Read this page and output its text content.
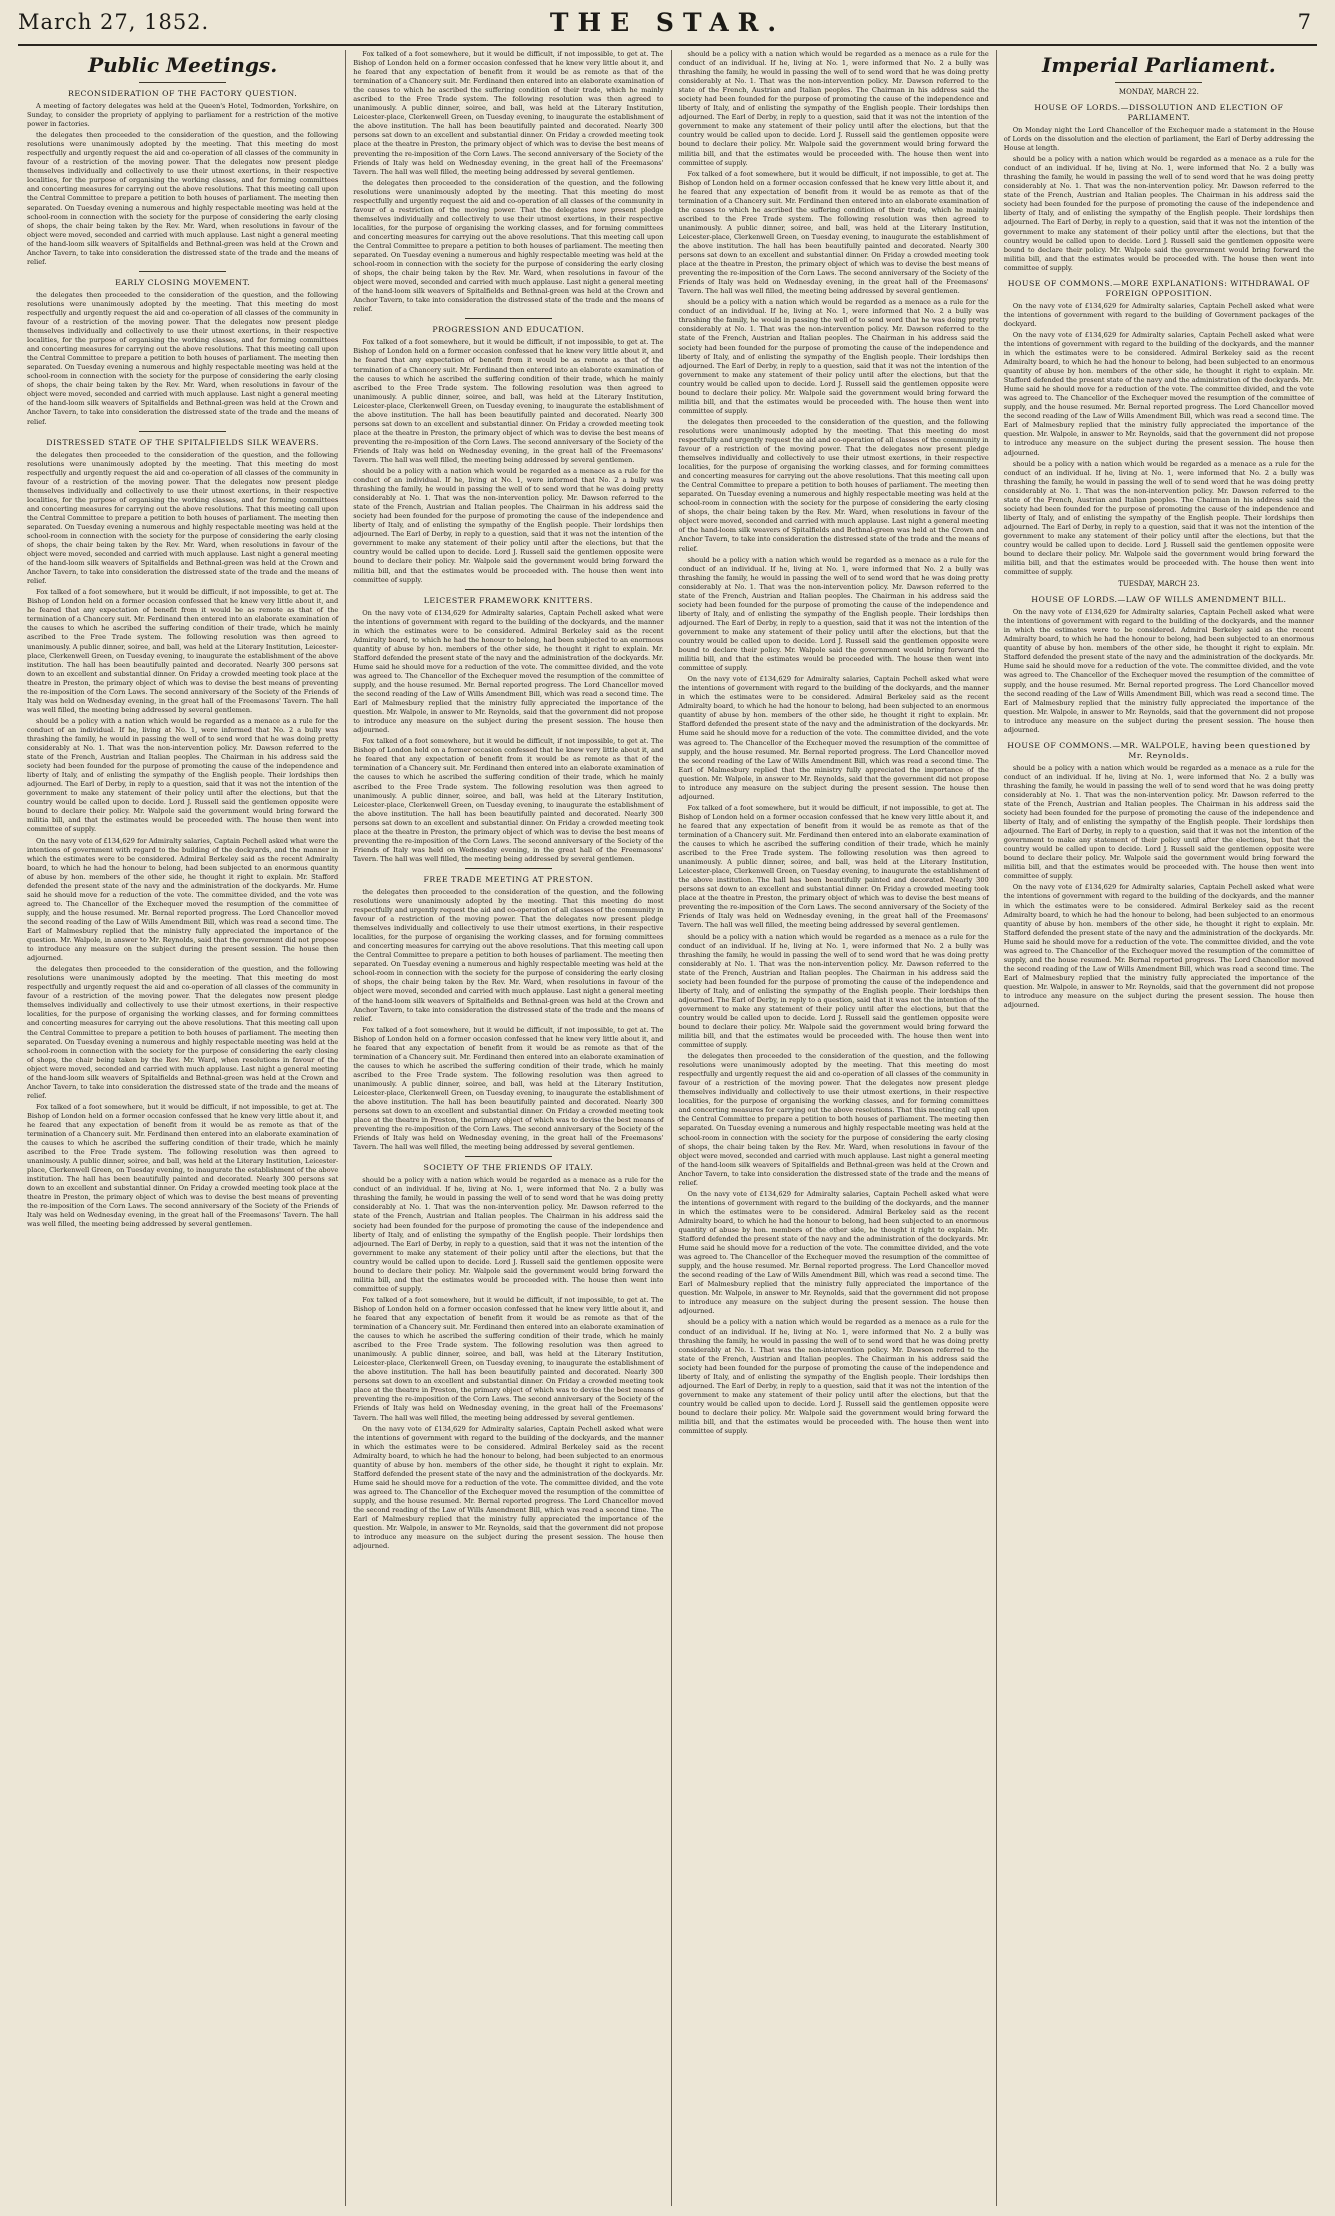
March 27, 1852.	THE STAR.	7
Public Meetings.
RECONSIDERATION OF THE FACTORY QUESTION.

A meeting of factory delegates was held at the Queen's Hotel, Todmorden, Yorkshire, on Sunday, to consider the propriety of applying to parliament for a restriction of the motive power in factories.

the delegates then proceeded to the consideration of the question, and the following resolutions were unanimously adopted by the meeting. That this meeting do most respectfully and urgently request the aid and co-operation of all classes of the community in favour of a restriction of the moving power. That the delegates now present pledge themselves individually and collectively to use their utmost exertions, in their respective localities, for the purpose of organising the working classes, and for forming committees and concerting measures for carrying out the above resolutions. That this meeting call upon the Central Committee to prepare a petition to both houses of parliament. The meeting then separated. On Tuesday evening a numerous and highly respectable meeting was held at the school-room in connection with the society for the purpose of considering the early closing of shops, the chair being taken by the Rev. Mr. Ward, when resolutions in favour of the object were moved, seconded and carried with much applause. Last night a general meeting of the hand-loom silk weavers of Spitalfields and Bethnal-green was held at the Crown and Anchor Tavern, to take into consideration the distressed state of the trade and the means of relief.

EARLY CLOSING MOVEMENT.

the delegates then proceeded to the consideration of the question, and the following resolutions were unanimously adopted by the meeting. That this meeting do most respectfully and urgently request the aid and co-operation of all classes of the community in favour of a restriction of the moving power. That the delegates now present pledge themselves individually and collectively to use their utmost exertions, in their respective localities, for the purpose of organising the working classes, and for forming committees and concerting measures for carrying out the above resolutions. That this meeting call upon the Central Committee to prepare a petition to both houses of parliament. The meeting then separated. On Tuesday evening a numerous and highly respectable meeting was held at the school-room in connection with the society for the purpose of considering the early closing of shops, the chair being taken by the Rev. Mr. Ward, when resolutions in favour of the object were moved, seconded and carried with much applause. Last night a general meeting of the hand-loom silk weavers of Spitalfields and Bethnal-green was held at the Crown and Anchor Tavern, to take into consideration the distressed state of the trade and the means of relief.

DISTRESSED STATE OF THE SPITALFIELDS SILK WEAVERS.

the delegates then proceeded to the consideration of the question, and the following resolutions were unanimously adopted by the meeting. That this meeting do most respectfully and urgently request the aid and co-operation of all classes of the community in favour of a restriction of the moving power. That the delegates now present pledge themselves individually and collectively to use their utmost exertions, in their respective localities, for the purpose of organising the working classes, and for forming committees and concerting measures for carrying out the above resolutions. That this meeting call upon the Central Committee to prepare a petition to both houses of parliament. The meeting then separated. On Tuesday evening a numerous and highly respectable meeting was held at the school-room in connection with the society for the purpose of considering the early closing of shops, the chair being taken by the Rev. Mr. Ward, when resolutions in favour of the object were moved, seconded and carried with much applause. Last night a general meeting of the hand-loom silk weavers of Spitalfields and Bethnal-green was held at the Crown and Anchor Tavern, to take into consideration the distressed state of the trade and the means of relief.

Fox talked of a foot somewhere, but it would be difficult, if not impossible, to get at. The Bishop of London held on a former occasion confessed that he knew very little about it, and he feared that any expectation of benefit from it would be as remote as that of the termination of a Chancery suit. Mr. Ferdinand then entered into an elaborate examination of the causes to which he ascribed the suffering condition of their trade, which he mainly ascribed to the Free Trade system. The following resolution was then agreed to unanimously. A public dinner, soiree, and ball, was held at the Literary Institution, Leicester-place, Clerkenwell Green, on Tuesday evening, to inaugurate the establishment of the above institution. The hall has been beautifully painted and decorated. Nearly 300 persons sat down to an excellent and substantial dinner. On Friday a crowded meeting took place at the theatre in Preston, the primary object of which was to devise the best means of preventing the re-imposition of the Corn Laws. The second anniversary of the Society of the Friends of Italy was held on Wednesday evening, in the great hall of the Freemasons' Tavern. The hall was well filled, the meeting being addressed by several gentlemen.

should be a policy with a nation which would be regarded as a menace as a rule for the conduct of an individual. If he, living at No. 1, were informed that No. 2 a bully was thrashing the family, he would in passing the well of to send word that he was doing pretty considerably at No. 1. That was the non-intervention policy. Mr. Dawson referred to the state of the French, Austrian and Italian peoples. The Chairman in his address said the society had been founded for the purpose of promoting the cause of the independence and liberty of Italy, and of enlisting the sympathy of the English people. Their lordships then adjourned. The Earl of Derby, in reply to a question, said that it was not the intention of the government to make any statement of their policy until after the elections, but that the country would be called upon to decide. Lord J. Russell said the gentlemen opposite were bound to declare their policy. Mr. Walpole said the government would bring forward the militia bill, and that the estimates would be proceeded with. The house then went into committee of supply.

On the navy vote of £134,629 for Admiralty salaries, Captain Pechell asked what were the intentions of government with regard to the building of the dockyards, and the manner in which the estimates were to be considered. Admiral Berkeley said as the recent Admiralty board, to which he had the honour to belong, had been subjected to an enormous quantity of abuse by hon. members of the other side, he thought it right to explain. Mr. Stafford defended the present state of the navy and the administration of the dockyards. Mr. Hume said he should move for a reduction of the vote. The committee divided, and the vote was agreed to. The Chancellor of the Exchequer moved the resumption of the committee of supply, and the house resumed. Mr. Bernal reported progress. The Lord Chancellor moved the second reading of the Law of Wills Amendment Bill, which was read a second time. The Earl of Malmesbury replied that the ministry fully appreciated the importance of the question. Mr. Walpole, in answer to Mr. Reynolds, said that the government did not propose to introduce any measure on the subject during the present session. The house then adjourned.

the delegates then proceeded to the consideration of the question, and the following resolutions were unanimously adopted by the meeting. That this meeting do most respectfully and urgently request the aid and co-operation of all classes of the community in favour of a restriction of the moving power. That the delegates now present pledge themselves individually and collectively to use their utmost exertions, in their respective localities, for the purpose of organising the working classes, and for forming committees and concerting measures for carrying out the above resolutions. That this meeting call upon the Central Committee to prepare a petition to both houses of parliament. The meeting then separated. On Tuesday evening a numerous and highly respectable meeting was held at the school-room in connection with the society for the purpose of considering the early closing of shops, the chair being taken by the Rev. Mr. Ward, when resolutions in favour of the object were moved, seconded and carried with much applause. Last night a general meeting of the hand-loom silk weavers of Spitalfields and Bethnal-green was held at the Crown and Anchor Tavern, to take into consideration the distressed state of the trade and the means of relief.

Fox talked of a foot somewhere, but it would be difficult, if not impossible, to get at. The Bishop of London held on a former occasion confessed that he knew very little about it, and he feared that any expectation of benefit from it would be as remote as that of the termination of a Chancery suit. Mr. Ferdinand then entered into an elaborate examination of the causes to which he ascribed the suffering condition of their trade, which he mainly ascribed to the Free Trade system. The following resolution was then agreed to unanimously. A public dinner, soiree, and ball, was held at the Literary Institution, Leicester-place, Clerkenwell Green, on Tuesday evening, to inaugurate the establishment of the above institution. The hall has been beautifully painted and decorated. Nearly 300 persons sat down to an excellent and substantial dinner. On Friday a crowded meeting took place at the theatre in Preston, the primary object of which was to devise the best means of preventing the re-imposition of the Corn Laws. The second anniversary of the Society of the Friends of Italy was held on Wednesday evening, in the great hall of the Freemasons' Tavern. The hall was well filled, the meeting being addressed by several gentlemen.

Fox talked of a foot somewhere, but it would be difficult, if not impossible, to get at. The Bishop of London held on a former occasion confessed that he knew very little about it, and he feared that any expectation of benefit from it would be as remote as that of the termination of a Chancery suit. Mr. Ferdinand then entered into an elaborate examination of the causes to which he ascribed the suffering condition of their trade, which he mainly ascribed to the Free Trade system. The following resolution was then agreed to unanimously. A public dinner, soiree, and ball, was held at the Literary Institution, Leicester-place, Clerkenwell Green, on Tuesday evening, to inaugurate the establishment of the above institution. The hall has been beautifully painted and decorated. Nearly 300 persons sat down to an excellent and substantial dinner. On Friday a crowded meeting took place at the theatre in Preston, the primary object of which was to devise the best means of preventing the re-imposition of the Corn Laws. The second anniversary of the Society of the Friends of Italy was held on Wednesday evening, in the great hall of the Freemasons' Tavern. The hall was well filled, the meeting being addressed by several gentlemen.

the delegates then proceeded to the consideration of the question, and the following resolutions were unanimously adopted by the meeting. That this meeting do most respectfully and urgently request the aid and co-operation of all classes of the community in favour of a restriction of the moving power. That the delegates now present pledge themselves individually and collectively to use their utmost exertions, in their respective localities, for the purpose of organising the working classes, and for forming committees and concerting measures for carrying out the above resolutions. That this meeting call upon the Central Committee to prepare a petition to both houses of parliament. The meeting then separated. On Tuesday evening a numerous and highly respectable meeting was held at the school-room in connection with the society for the purpose of considering the early closing of shops, the chair being taken by the Rev. Mr. Ward, when resolutions in favour of the object were moved, seconded and carried with much applause. Last night a general meeting of the hand-loom silk weavers of Spitalfields and Bethnal-green was held at the Crown and Anchor Tavern, to take into consideration the distressed state of the trade and the means of relief.

PROGRESSION AND EDUCATION.

Fox talked of a foot somewhere, but it would be difficult, if not impossible, to get at. The Bishop of London held on a former occasion confessed that he knew very little about it, and he feared that any expectation of benefit from it would be as remote as that of the termination of a Chancery suit. Mr. Ferdinand then entered into an elaborate examination of the causes to which he ascribed the suffering condition of their trade, which he mainly ascribed to the Free Trade system. The following resolution was then agreed to unanimously. A public dinner, soiree, and ball, was held at the Literary Institution, Leicester-place, Clerkenwell Green, on Tuesday evening, to inaugurate the establishment of the above institution. The hall has been beautifully painted and decorated. Nearly 300 persons sat down to an excellent and substantial dinner. On Friday a crowded meeting took place at the theatre in Preston, the primary object of which was to devise the best means of preventing the re-imposition of the Corn Laws. The second anniversary of the Society of the Friends of Italy was held on Wednesday evening, in the great hall of the Freemasons' Tavern. The hall was well filled, the meeting being addressed by several gentlemen.

should be a policy with a nation which would be regarded as a menace as a rule for the conduct of an individual. If he, living at No. 1, were informed that No. 2 a bully was thrashing the family, he would in passing the well of to send word that he was doing pretty considerably at No. 1. That was the non-intervention policy. Mr. Dawson referred to the state of the French, Austrian and Italian peoples. The Chairman in his address said the society had been founded for the purpose of promoting the cause of the independence and liberty of Italy, and of enlisting the sympathy of the English people. Their lordships then adjourned. The Earl of Derby, in reply to a question, said that it was not the intention of the government to make any statement of their policy until after the elections, but that the country would be called upon to decide. Lord J. Russell said the gentlemen opposite were bound to declare their policy. Mr. Walpole said the government would bring forward the militia bill, and that the estimates would be proceeded with. The house then went into committee of supply.

LEICESTER FRAMEWORK KNITTERS.

On the navy vote of £134,629 for Admiralty salaries, Captain Pechell asked what were the intentions of government with regard to the building of the dockyards, and the manner in which the estimates were to be considered. Admiral Berkeley said as the recent Admiralty board, to which he had the honour to belong, had been subjected to an enormous quantity of abuse by hon. members of the other side, he thought it right to explain. Mr. Stafford defended the present state of the navy and the administration of the dockyards. Mr. Hume said he should move for a reduction of the vote. The committee divided, and the vote was agreed to. The Chancellor of the Exchequer moved the resumption of the committee of supply, and the house resumed. Mr. Bernal reported progress. The Lord Chancellor moved the second reading of the Law of Wills Amendment Bill, which was read a second time. The Earl of Malmesbury replied that the ministry fully appreciated the importance of the question. Mr. Walpole, in answer to Mr. Reynolds, said that the government did not propose to introduce any measure on the subject during the present session. The house then adjourned.

Fox talked of a foot somewhere, but it would be difficult, if not impossible, to get at. The Bishop of London held on a former occasion confessed that he knew very little about it, and he feared that any expectation of benefit from it would be as remote as that of the termination of a Chancery suit. Mr. Ferdinand then entered into an elaborate examination of the causes to which he ascribed the suffering condition of their trade, which he mainly ascribed to the Free Trade system. The following resolution was then agreed to unanimously. A public dinner, soiree, and ball, was held at the Literary Institution, Leicester-place, Clerkenwell Green, on Tuesday evening, to inaugurate the establishment of the above institution. The hall has been beautifully painted and decorated. Nearly 300 persons sat down to an excellent and substantial dinner. On Friday a crowded meeting took place at the theatre in Preston, the primary object of which was to devise the best means of preventing the re-imposition of the Corn Laws. The second anniversary of the Society of the Friends of Italy was held on Wednesday evening, in the great hall of the Freemasons' Tavern. The hall was well filled, the meeting being addressed by several gentlemen.

FREE TRADE MEETING AT PRESTON.

the delegates then proceeded to the consideration of the question, and the following resolutions were unanimously adopted by the meeting. That this meeting do most respectfully and urgently request the aid and co-operation of all classes of the community in favour of a restriction of the moving power. That the delegates now present pledge themselves individually and collectively to use their utmost exertions, in their respective localities, for the purpose of organising the working classes, and for forming committees and concerting measures for carrying out the above resolutions. That this meeting call upon the Central Committee to prepare a petition to both houses of parliament. The meeting then separated. On Tuesday evening a numerous and highly respectable meeting was held at the school-room in connection with the society for the purpose of considering the early closing of shops, the chair being taken by the Rev. Mr. Ward, when resolutions in favour of the object were moved, seconded and carried with much applause. Last night a general meeting of the hand-loom silk weavers of Spitalfields and Bethnal-green was held at the Crown and Anchor Tavern, to take into consideration the distressed state of the trade and the means of relief.

Fox talked of a foot somewhere, but it would be difficult, if not impossible, to get at. The Bishop of London held on a former occasion confessed that he knew very little about it, and he feared that any expectation of benefit from it would be as remote as that of the termination of a Chancery suit. Mr. Ferdinand then entered into an elaborate examination of the causes to which he ascribed the suffering condition of their trade, which he mainly ascribed to the Free Trade system. The following resolution was then agreed to unanimously. A public dinner, soiree, and ball, was held at the Literary Institution, Leicester-place, Clerkenwell Green, on Tuesday evening, to inaugurate the establishment of the above institution. The hall has been beautifully painted and decorated. Nearly 300 persons sat down to an excellent and substantial dinner. On Friday a crowded meeting took place at the theatre in Preston, the primary object of which was to devise the best means of preventing the re-imposition of the Corn Laws. The second anniversary of the Society of the Friends of Italy was held on Wednesday evening, in the great hall of the Freemasons' Tavern. The hall was well filled, the meeting being addressed by several gentlemen.

SOCIETY OF THE FRIENDS OF ITALY.

should be a policy with a nation which would be regarded as a menace as a rule for the conduct of an individual. If he, living at No. 1, were informed that No. 2 a bully was thrashing the family, he would in passing the well of to send word that he was doing pretty considerably at No. 1. That was the non-intervention policy. Mr. Dawson referred to the state of the French, Austrian and Italian peoples. The Chairman in his address said the society had been founded for the purpose of promoting the cause of the independence and liberty of Italy, and of enlisting the sympathy of the English people. Their lordships then adjourned. The Earl of Derby, in reply to a question, said that it was not the intention of the government to make any statement of their policy until after the elections, but that the country would be called upon to decide. Lord J. Russell said the gentlemen opposite were bound to declare their policy. Mr. Walpole said the government would bring forward the militia bill, and that the estimates would be proceeded with. The house then went into committee of supply.

Fox talked of a foot somewhere, but it would be difficult, if not impossible, to get at. The Bishop of London held on a former occasion confessed that he knew very little about it, and he feared that any expectation of benefit from it would be as remote as that of the termination of a Chancery suit. Mr. Ferdinand then entered into an elaborate examination of the causes to which he ascribed the suffering condition of their trade, which he mainly ascribed to the Free Trade system. The following resolution was then agreed to unanimously. A public dinner, soiree, and ball, was held at the Literary Institution, Leicester-place, Clerkenwell Green, on Tuesday evening, to inaugurate the establishment of the above institution. The hall has been beautifully painted and decorated. Nearly 300 persons sat down to an excellent and substantial dinner. On Friday a crowded meeting took place at the theatre in Preston, the primary object of which was to devise the best means of preventing the re-imposition of the Corn Laws. The second anniversary of the Society of the Friends of Italy was held on Wednesday evening, in the great hall of the Freemasons' Tavern. The hall was well filled, the meeting being addressed by several gentlemen.

On the navy vote of £134,629 for Admiralty salaries, Captain Pechell asked what were the intentions of government with regard to the building of the dockyards, and the manner in which the estimates were to be considered. Admiral Berkeley said as the recent Admiralty board, to which he had the honour to belong, had been subjected to an enormous quantity of abuse by hon. members of the other side, he thought it right to explain. Mr. Stafford defended the present state of the navy and the administration of the dockyards. Mr. Hume said he should move for a reduction of the vote. The committee divided, and the vote was agreed to. The Chancellor of the Exchequer moved the resumption of the committee of supply, and the house resumed. Mr. Bernal reported progress. The Lord Chancellor moved the second reading of the Law of Wills Amendment Bill, which was read a second time. The Earl of Malmesbury replied that the ministry fully appreciated the importance of the question. Mr. Walpole, in answer to Mr. Reynolds, said that the government did not propose to introduce any measure on the subject during the present session. The house then adjourned.

should be a policy with a nation which would be regarded as a menace as a rule for the conduct of an individual. If he, living at No. 1, were informed that No. 2 a bully was thrashing the family, he would in passing the well of to send word that he was doing pretty considerably at No. 1. That was the non-intervention policy. Mr. Dawson referred to the state of the French, Austrian and Italian peoples. The Chairman in his address said the society had been founded for the purpose of promoting the cause of the independence and liberty of Italy, and of enlisting the sympathy of the English people. Their lordships then adjourned. The Earl of Derby, in reply to a question, said that it was not the intention of the government to make any statement of their policy until after the elections, but that the country would be called upon to decide. Lord J. Russell said the gentlemen opposite were bound to declare their policy. Mr. Walpole said the government would bring forward the militia bill, and that the estimates would be proceeded with. The house then went into committee of supply.

Fox talked of a foot somewhere, but it would be difficult, if not impossible, to get at. The Bishop of London held on a former occasion confessed that he knew very little about it, and he feared that any expectation of benefit from it would be as remote as that of the termination of a Chancery suit. Mr. Ferdinand then entered into an elaborate examination of the causes to which he ascribed the suffering condition of their trade, which he mainly ascribed to the Free Trade system. The following resolution was then agreed to unanimously. A public dinner, soiree, and ball, was held at the Literary Institution, Leicester-place, Clerkenwell Green, on Tuesday evening, to inaugurate the establishment of the above institution. The hall has been beautifully painted and decorated. Nearly 300 persons sat down to an excellent and substantial dinner. On Friday a crowded meeting took place at the theatre in Preston, the primary object of which was to devise the best means of preventing the re-imposition of the Corn Laws. The second anniversary of the Society of the Friends of Italy was held on Wednesday evening, in the great hall of the Freemasons' Tavern. The hall was well filled, the meeting being addressed by several gentlemen.

should be a policy with a nation which would be regarded as a menace as a rule for the conduct of an individual. If he, living at No. 1, were informed that No. 2 a bully was thrashing the family, he would in passing the well of to send word that he was doing pretty considerably at No. 1. That was the non-intervention policy. Mr. Dawson referred to the state of the French, Austrian and Italian peoples. The Chairman in his address said the society had been founded for the purpose of promoting the cause of the independence and liberty of Italy, and of enlisting the sympathy of the English people. Their lordships then adjourned. The Earl of Derby, in reply to a question, said that it was not the intention of the government to make any statement of their policy until after the elections, but that the country would be called upon to decide. Lord J. Russell said the gentlemen opposite were bound to declare their policy. Mr. Walpole said the government would bring forward the militia bill, and that the estimates would be proceeded with. The house then went into committee of supply.

the delegates then proceeded to the consideration of the question, and the following resolutions were unanimously adopted by the meeting. That this meeting do most respectfully and urgently request the aid and co-operation of all classes of the community in favour of a restriction of the moving power. That the delegates now present pledge themselves individually and collectively to use their utmost exertions, in their respective localities, for the purpose of organising the working classes, and for forming committees and concerting measures for carrying out the above resolutions. That this meeting call upon the Central Committee to prepare a petition to both houses of parliament. The meeting then separated. On Tuesday evening a numerous and highly respectable meeting was held at the school-room in connection with the society for the purpose of considering the early closing of shops, the chair being taken by the Rev. Mr. Ward, when resolutions in favour of the object were moved, seconded and carried with much applause. Last night a general meeting of the hand-loom silk weavers of Spitalfields and Bethnal-green was held at the Crown and Anchor Tavern, to take into consideration the distressed state of the trade and the means of relief.

should be a policy with a nation which would be regarded as a menace as a rule for the conduct of an individual. If he, living at No. 1, were informed that No. 2 a bully was thrashing the family, he would in passing the well of to send word that he was doing pretty considerably at No. 1. That was the non-intervention policy. Mr. Dawson referred to the state of the French, Austrian and Italian peoples. The Chairman in his address said the society had been founded for the purpose of promoting the cause of the independence and liberty of Italy, and of enlisting the sympathy of the English people. Their lordships then adjourned. The Earl of Derby, in reply to a question, said that it was not the intention of the government to make any statement of their policy until after the elections, but that the country would be called upon to decide. Lord J. Russell said the gentlemen opposite were bound to declare their policy. Mr. Walpole said the government would bring forward the militia bill, and that the estimates would be proceeded with. The house then went into committee of supply.

On the navy vote of £134,629 for Admiralty salaries, Captain Pechell asked what were the intentions of government with regard to the building of the dockyards, and the manner in which the estimates were to be considered. Admiral Berkeley said as the recent Admiralty board, to which he had the honour to belong, had been subjected to an enormous quantity of abuse by hon. members of the other side, he thought it right to explain. Mr. Stafford defended the present state of the navy and the administration of the dockyards. Mr. Hume said he should move for a reduction of the vote. The committee divided, and the vote was agreed to. The Chancellor of the Exchequer moved the resumption of the committee of supply, and the house resumed. Mr. Bernal reported progress. The Lord Chancellor moved the second reading of the Law of Wills Amendment Bill, which was read a second time. The Earl of Malmesbury replied that the ministry fully appreciated the importance of the question. Mr. Walpole, in answer to Mr. Reynolds, said that the government did not propose to introduce any measure on the subject during the present session. The house then adjourned.

Fox talked of a foot somewhere, but it would be difficult, if not impossible, to get at. The Bishop of London held on a former occasion confessed that he knew very little about it, and he feared that any expectation of benefit from it would be as remote as that of the termination of a Chancery suit. Mr. Ferdinand then entered into an elaborate examination of the causes to which he ascribed the suffering condition of their trade, which he mainly ascribed to the Free Trade system. The following resolution was then agreed to unanimously. A public dinner, soiree, and ball, was held at the Literary Institution, Leicester-place, Clerkenwell Green, on Tuesday evening, to inaugurate the establishment of the above institution. The hall has been beautifully painted and decorated. Nearly 300 persons sat down to an excellent and substantial dinner. On Friday a crowded meeting took place at the theatre in Preston, the primary object of which was to devise the best means of preventing the re-imposition of the Corn Laws. The second anniversary of the Society of the Friends of Italy was held on Wednesday evening, in the great hall of the Freemasons' Tavern. The hall was well filled, the meeting being addressed by several gentlemen.

should be a policy with a nation which would be regarded as a menace as a rule for the conduct of an individual. If he, living at No. 1, were informed that No. 2 a bully was thrashing the family, he would in passing the well of to send word that he was doing pretty considerably at No. 1. That was the non-intervention policy. Mr. Dawson referred to the state of the French, Austrian and Italian peoples. The Chairman in his address said the society had been founded for the purpose of promoting the cause of the independence and liberty of Italy, and of enlisting the sympathy of the English people. Their lordships then adjourned. The Earl of Derby, in reply to a question, said that it was not the intention of the government to make any statement of their policy until after the elections, but that the country would be called upon to decide. Lord J. Russell said the gentlemen opposite were bound to declare their policy. Mr. Walpole said the government would bring forward the militia bill, and that the estimates would be proceeded with. The house then went into committee of supply.

the delegates then proceeded to the consideration of the question, and the following resolutions were unanimously adopted by the meeting. That this meeting do most respectfully and urgently request the aid and co-operation of all classes of the community in favour of a restriction of the moving power. That the delegates now present pledge themselves individually and collectively to use their utmost exertions, in their respective localities, for the purpose of organising the working classes, and for forming committees and concerting measures for carrying out the above resolutions. That this meeting call upon the Central Committee to prepare a petition to both houses of parliament. The meeting then separated. On Tuesday evening a numerous and highly respectable meeting was held at the school-room in connection with the society for the purpose of considering the early closing of shops, the chair being taken by the Rev. Mr. Ward, when resolutions in favour of the object were moved, seconded and carried with much applause. Last night a general meeting of the hand-loom silk weavers of Spitalfields and Bethnal-green was held at the Crown and Anchor Tavern, to take into consideration the distressed state of the trade and the means of relief.

On the navy vote of £134,629 for Admiralty salaries, Captain Pechell asked what were the intentions of government with regard to the building of the dockyards, and the manner in which the estimates were to be considered. Admiral Berkeley said as the recent Admiralty board, to which he had the honour to belong, had been subjected to an enormous quantity of abuse by hon. members of the other side, he thought it right to explain. Mr. Stafford defended the present state of the navy and the administration of the dockyards. Mr. Hume said he should move for a reduction of the vote. The committee divided, and the vote was agreed to. The Chancellor of the Exchequer moved the resumption of the committee of supply, and the house resumed. Mr. Bernal reported progress. The Lord Chancellor moved the second reading of the Law of Wills Amendment Bill, which was read a second time. The Earl of Malmesbury replied that the ministry fully appreciated the importance of the question. Mr. Walpole, in answer to Mr. Reynolds, said that the government did not propose to introduce any measure on the subject during the present session. The house then adjourned.

should be a policy with a nation which would be regarded as a menace as a rule for the conduct of an individual. If he, living at No. 1, were informed that No. 2 a bully was thrashing the family, he would in passing the well of to send word that he was doing pretty considerably at No. 1. That was the non-intervention policy. Mr. Dawson referred to the state of the French, Austrian and Italian peoples. The Chairman in his address said the society had been founded for the purpose of promoting the cause of the independence and liberty of Italy, and of enlisting the sympathy of the English people. Their lordships then adjourned. The Earl of Derby, in reply to a question, said that it was not the intention of the government to make any statement of their policy until after the elections, but that the country would be called upon to decide. Lord J. Russell said the gentlemen opposite were bound to declare their policy. Mr. Walpole said the government would bring forward the militia bill, and that the estimates would be proceeded with. The house then went into committee of supply.

Imperial Parliament.
MONDAY, MARCH 22.
HOUSE OF LORDS.—DISSOLUTION AND ELECTION OF PARLIAMENT.

On Monday night the Lord Chancellor of the Exchequer made a statement in the House of Lords on the dissolution and the election of parliament, the Earl of Derby addressing the House at length.

should be a policy with a nation which would be regarded as a menace as a rule for the conduct of an individual. If he, living at No. 1, were informed that No. 2 a bully was thrashing the family, he would in passing the well of to send word that he was doing pretty considerably at No. 1. That was the non-intervention policy. Mr. Dawson referred to the state of the French, Austrian and Italian peoples. The Chairman in his address said the society had been founded for the purpose of promoting the cause of the independence and liberty of Italy, and of enlisting the sympathy of the English people. Their lordships then adjourned. The Earl of Derby, in reply to a question, said that it was not the intention of the government to make any statement of their policy until after the elections, but that the country would be called upon to decide. Lord J. Russell said the gentlemen opposite were bound to declare their policy. Mr. Walpole said the government would bring forward the militia bill, and that the estimates would be proceeded with. The house then went into committee of supply.

HOUSE OF COMMONS.—MORE EXPLANATIONS: WITHDRAWAL OF FOREIGN OPPOSITION.

On the navy vote of £134,629 for Admiralty salaries, Captain Pechell asked what were the intentions of government with regard to the building of Government packages of the dockyard.

On the navy vote of £134,629 for Admiralty salaries, Captain Pechell asked what were the intentions of government with regard to the building of the dockyards, and the manner in which the estimates were to be considered. Admiral Berkeley said as the recent Admiralty board, to which he had the honour to belong, had been subjected to an enormous quantity of abuse by hon. members of the other side, he thought it right to explain. Mr. Stafford defended the present state of the navy and the administration of the dockyards. Mr. Hume said he should move for a reduction of the vote. The committee divided, and the vote was agreed to. The Chancellor of the Exchequer moved the resumption of the committee of supply, and the house resumed. Mr. Bernal reported progress. The Lord Chancellor moved the second reading of the Law of Wills Amendment Bill, which was read a second time. The Earl of Malmesbury replied that the ministry fully appreciated the importance of the question. Mr. Walpole, in answer to Mr. Reynolds, said that the government did not propose to introduce any measure on the subject during the present session. The house then adjourned.

should be a policy with a nation which would be regarded as a menace as a rule for the conduct of an individual. If he, living at No. 1, were informed that No. 2 a bully was thrashing the family, he would in passing the well of to send word that he was doing pretty considerably at No. 1. That was the non-intervention policy. Mr. Dawson referred to the state of the French, Austrian and Italian peoples. The Chairman in his address said the society had been founded for the purpose of promoting the cause of the independence and liberty of Italy, and of enlisting the sympathy of the English people. Their lordships then adjourned. The Earl of Derby, in reply to a question, said that it was not the intention of the government to make any statement of their policy until after the elections, but that the country would be called upon to decide. Lord J. Russell said the gentlemen opposite were bound to declare their policy. Mr. Walpole said the government would bring forward the militia bill, and that the estimates would be proceeded with. The house then went into committee of supply.

TUESDAY, MARCH 23.
HOUSE OF LORDS.—LAW OF WILLS AMENDMENT BILL.

On the navy vote of £134,629 for Admiralty salaries, Captain Pechell asked what were the intentions of government with regard to the building of the dockyards, and the manner in which the estimates were to be considered. Admiral Berkeley said as the recent Admiralty board, to which he had the honour to belong, had been subjected to an enormous quantity of abuse by hon. members of the other side, he thought it right to explain. Mr. Stafford defended the present state of the navy and the administration of the dockyards. Mr. Hume said he should move for a reduction of the vote. The committee divided, and the vote was agreed to. The Chancellor of the Exchequer moved the resumption of the committee of supply, and the house resumed. Mr. Bernal reported progress. The Lord Chancellor moved the second reading of the Law of Wills Amendment Bill, which was read a second time. The Earl of Malmesbury replied that the ministry fully appreciated the importance of the question. Mr. Walpole, in answer to Mr. Reynolds, said that the government did not propose to introduce any measure on the subject during the present session. The house then adjourned.

HOUSE OF COMMONS.—MR. WALPOLE, having been questioned by Mr. Reynolds.

should be a policy with a nation which would be regarded as a menace as a rule for the conduct of an individual. If he, living at No. 1, were informed that No. 2 a bully was thrashing the family, he would in passing the well of to send word that he was doing pretty considerably at No. 1. That was the non-intervention policy. Mr. Dawson referred to the state of the French, Austrian and Italian peoples. The Chairman in his address said the society had been founded for the purpose of promoting the cause of the independence and liberty of Italy, and of enlisting the sympathy of the English people. Their lordships then adjourned. The Earl of Derby, in reply to a question, said that it was not the intention of the government to make any statement of their policy until after the elections, but that the country would be called upon to decide. Lord J. Russell said the gentlemen opposite were bound to declare their policy. Mr. Walpole said the government would bring forward the militia bill, and that the estimates would be proceeded with. The house then went into committee of supply.

On the navy vote of £134,629 for Admiralty salaries, Captain Pechell asked what were the intentions of government with regard to the building of the dockyards, and the manner in which the estimates were to be considered. Admiral Berkeley said as the recent Admiralty board, to which he had the honour to belong, had been subjected to an enormous quantity of abuse by hon. members of the other side, he thought it right to explain. Mr. Stafford defended the present state of the navy and the administration of the dockyards. Mr. Hume said he should move for a reduction of the vote. The committee divided, and the vote was agreed to. The Chancellor of the Exchequer moved the resumption of the committee of supply, and the house resumed. Mr. Bernal reported progress. The Lord Chancellor moved the second reading of the Law of Wills Amendment Bill, which was read a second time. The Earl of Malmesbury replied that the ministry fully appreciated the importance of the question. Mr. Walpole, in answer to Mr. Reynolds, said that the government did not propose to introduce any measure on the subject during the present session. The house then adjourned.
